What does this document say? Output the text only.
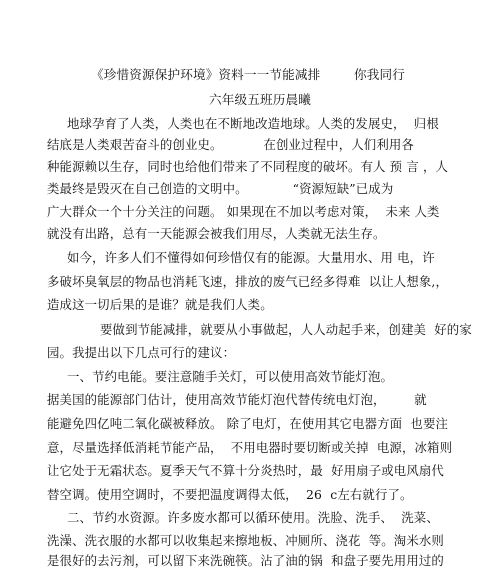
《珍惜资源保护环境》资料一一节能减排	你我同行
六年级五班历晨曦
地球孕育了人类，人类也在不断地改造地球。人类的发展史，  归根
结底是人类艰苦奋斗的创业史。          在创业过程中，人们利用各
种能源赖以生存，同时也给他们带来了不同程度的破坏。有人 预 言 ，人
类最终是毁灭在自己创造的文明中。           “资源短缺”已成为
广大群众一个十分关注的问题。 如果现在不加以考虑对策，  未来 人类
就没有出路，总有一天能源会被我们用尽，人类就无法生存。
如今，许多人们不懂得如何珍惜仅有的能源。大量用水、用 电，许
多破坏臭氧层的物品也消耗飞速，排放的废气已经多得难  以让人想象,，
造成这一切后果的是谁？就是我们人类。
要做到节能减排，就要从小事做起，人人动起手来，创建美  好的家
园。我提出以下几点可行的建议：
一、节约电能。要注意随手关灯，可以使用高效节能灯泡。
据美国的能源部门估计，使用高效节能灯泡代替传统电灯泡，       就
能避免四亿吨二氧化碳被释放。 除了电灯，在使用其它电器方面  也要注
意，尽量选择低消耗节能产品，  不用电器时要切断或关掉  电源，冰箱则
让它处于无霜状态。夏季天气不算十分炎热时，最  好用扇子或电风扇代
替空调。使用空调时，不要把温度调得太低，  26  c左右就行了。
二、节约水资源。许多废水都可以循环使用。洗脸、洗手、  洗菜、
洗澡、洗衣服的水都可以收集起来擦地板、冲厕所、浇花  等。淘米水则
是很好的去污剂，可以留下来洗碗筷。沾了油的锅  和盘子要先用用过的
